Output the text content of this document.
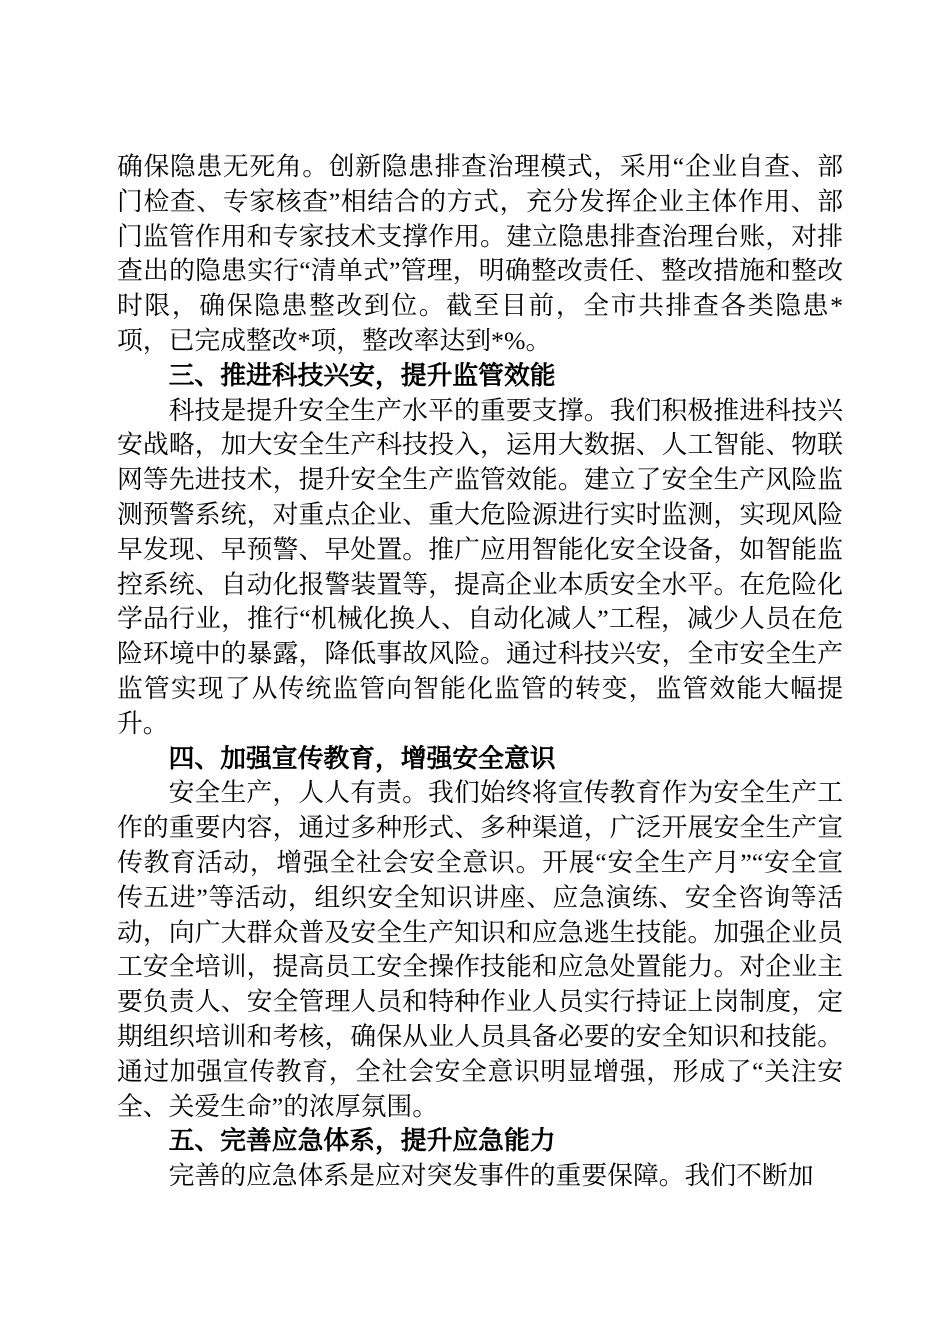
确保隐患无死角。创新隐患排查治理模式，采用“企业自查、部门检查、专家核查”相结合的方式，充分发挥企业主体作用、部门监管作用和专家技术支撑作用。建立隐患排查治理台账，对排查出的隐患实行“清单式”管理，明确整改责任、整改措施和整改时限，确保隐患整改到位。截至目前，全市共排查各类隐患*项，已完成整改*项，整改率达到*%。

三、推进科技兴安，提升监管效能

科技是提升安全生产水平的重要支撑。我们积极推进科技兴安战略，加大安全生产科技投入，运用大数据、人工智能、物联网等先进技术，提升安全生产监管效能。建立了安全生产风险监测预警系统，对重点企业、重大危险源进行实时监测，实现风险早发现、早预警、早处置。推广应用智能化安全设备，如智能监控系统、自动化报警装置等，提高企业本质安全水平。在危险化学品行业，推行“机械化换人、自动化减人”工程，减少人员在危险环境中的暴露，降低事故风险。通过科技兴安，全市安全生产监管实现了从传统监管向智能化监管的转变，监管效能大幅提升。

四、加强宣传教育，增强安全意识

安全生产，人人有责。我们始终将宣传教育作为安全生产工作的重要内容，通过多种形式、多种渠道，广泛开展安全生产宣传教育活动，增强全社会安全意识。开展“安全生产月”“安全宣传五进”等活动，组织安全知识讲座、应急演练、安全咨询等活动，向广大群众普及安全生产知识和应急逃生技能。加强企业员工安全培训，提高员工安全操作技能和应急处置能力。对企业主要负责人、安全管理人员和特种作业人员实行持证上岗制度，定期组织培训和考核，确保从业人员具备必要的安全知识和技能。通过加强宣传教育，全社会安全意识明显增强，形成了“关注安全、关爱生命”的浓厚氛围。

五、完善应急体系，提升应急能力

完善的应急体系是应对突发事件的重要保障。我们不断加
